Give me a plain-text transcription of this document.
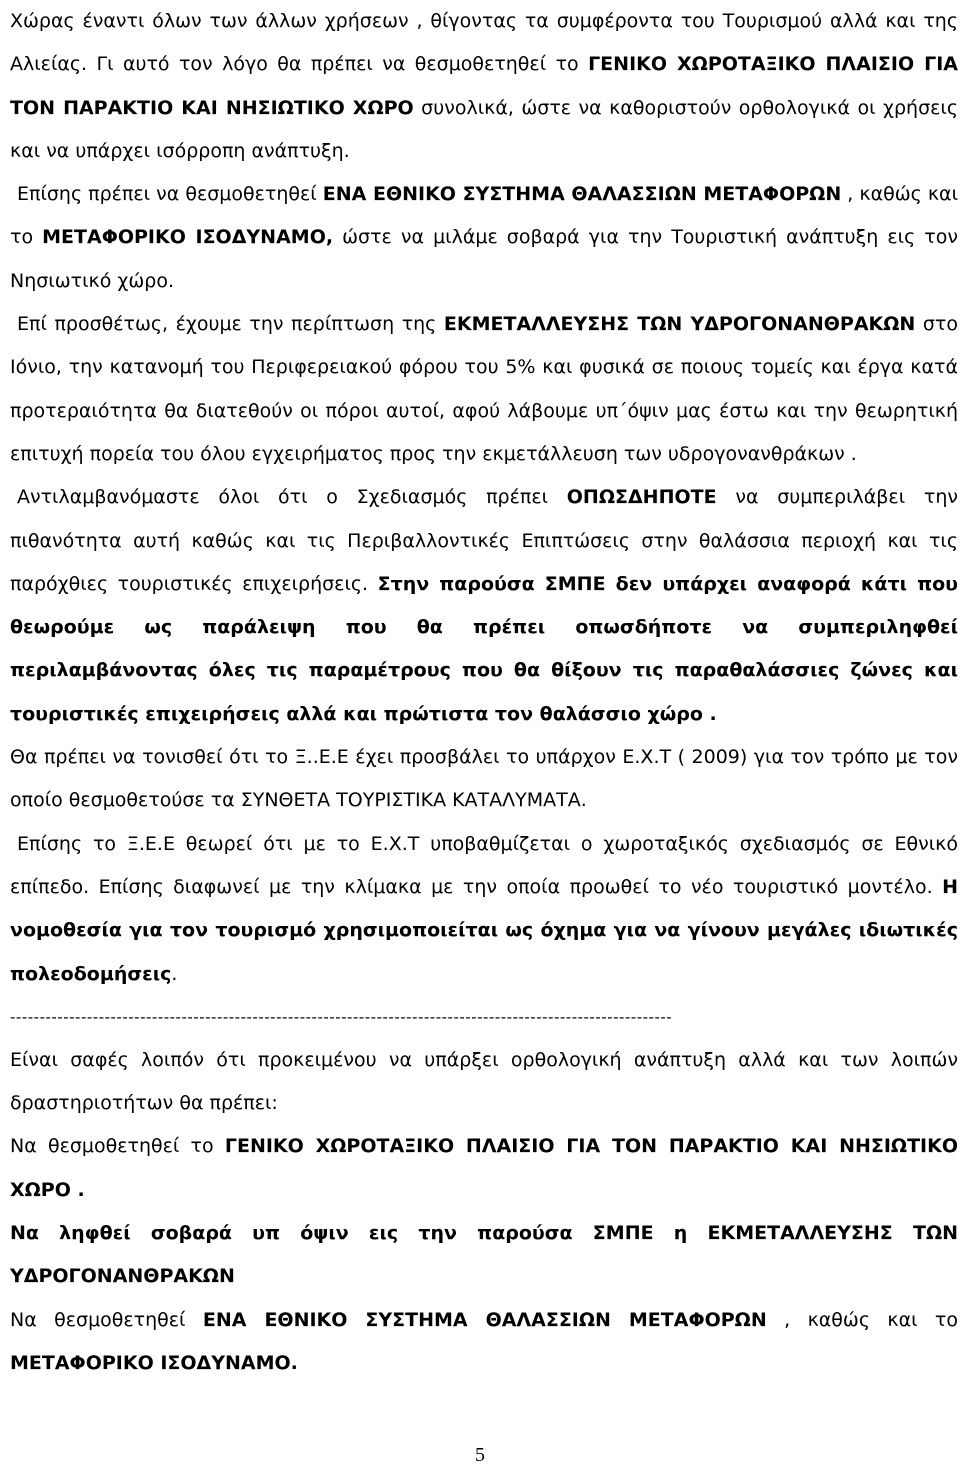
Χώρας έναντι όλων των άλλων χρήσεων , θίγοντας τα συμφέροντα του Τουρισμού αλλά και της Αλιείας. Γι αυτό τον λόγο θα πρέπει να θεσμοθετηθεί το ΓΕΝΙΚΟ ΧΩΡΟΤΑΞΙΚΟ ΠΛΑΙΣΙΟ ΓΙΑ ΤΟΝ ΠΑΡΑΚΤΙΟ ΚΑΙ ΝΗΣΙΩΤΙΚΟ ΧΩΡΟ συνολικά, ώστε να καθοριστούν ορθολογικά οι χρήσεις και να υπάρχει ισόρροπη ανάπτυξη.

Επίσης πρέπει να θεσμοθετηθεί ΕΝΑ ΕΘΝΙΚΟ ΣΥΣΤΗΜΑ ΘΑΛΑΣΣΙΩΝ ΜΕΤΑΦΟΡΩΝ , καθώς και το ΜΕΤΑΦΟΡΙΚΟ ΙΣΟΔΥΝΑΜΟ, ώστε να μιλάμε σοβαρά για την Τουριστική ανάπτυξη εις τον Νησιωτικό χώρο.

Επί προσθέτως, έχουμε την περίπτωση της ΕΚΜΕΤΑΛΛΕΥΣΗΣ ΤΩΝ ΥΔΡΟΓΟΝΑΝΘΡΑΚΩΝ στο Ιόνιο, την κατανομή του Περιφερειακού φόρου του 5% και φυσικά σε ποιους τομείς και έργα κατά προτεραιότητα θα διατεθούν οι πόροι αυτοί, αφού λάβουμε υπ΄όψιν μας έστω και την θεωρητική επιτυχή πορεία του όλου εγχειρήματος προς την εκμετάλλευση των υδρογονανθράκων .

Αντιλαμβανόμαστε όλοι ότι ο Σχεδιασμός πρέπει ΟΠΩΣΔΗΠΟΤΕ να συμπεριλάβει την πιθανότητα αυτή καθώς και τις Περιβαλλοντικές Επιπτώσεις στην θαλάσσια περιοχή και τις παρόχθιες τουριστικές επιχειρήσεις. Στην παρούσα ΣΜΠΕ δεν υπάρχει αναφορά κάτι που θεωρούμε ως παράλειψη που θα πρέπει οπωσδήποτε να συμπεριληφθεί περιλαμβάνοντας όλες τις παραμέτρους που θα θίξουν τις παραθαλάσσιες ζώνες και τουριστικές επιχειρήσεις αλλά και πρώτιστα τον θαλάσσιο χώρο .

Θα πρέπει να τονισθεί ότι το Ξ..Ε.Ε έχει προσβάλει το υπάρχον Ε.Χ.Τ ( 2009) για τον τρόπο με τον οποίο θεσμοθετούσε τα ΣΥΝΘΕΤΑ ΤΟΥΡΙΣΤΙΚΑ ΚΑΤΑΛΥΜΑΤΑ.

Επίσης το Ξ.Ε.Ε θεωρεί ότι με το Ε.Χ.Τ υποβαθμίζεται ο χωροταξικός σχεδιασμός σε Εθνικό επίπεδο. Επίσης διαφωνεί με την κλίμακα με την οποία προωθεί το νέο τουριστικό μοντέλο. Η νομοθεσία για τον τουρισμό χρησιμοποιείται ως όχημα για να γίνουν μεγάλες ιδιωτικές πολεοδομήσεις.

----------------------------------------------------------------------------------------------------------------

Είναι σαφές λοιπόν ότι προκειμένου να υπάρξει ορθολογική ανάπτυξη αλλά και των λοιπών δραστηριοτήτων θα πρέπει:

Να θεσμοθετηθεί το ΓΕΝΙΚΟ ΧΩΡΟΤΑΞΙΚΟ ΠΛΑΙΣΙΟ ΓΙΑ ΤΟΝ ΠΑΡΑΚΤΙΟ ΚΑΙ ΝΗΣΙΩΤΙΚΟ ΧΩΡΟ .

Να ληφθεί σοβαρά υπ όψιν εις την παρούσα ΣΜΠΕ η ΕΚΜΕΤΑΛΛΕΥΣΗΣ ΤΩΝ ΥΔΡΟΓΟΝΑΝΘΡΑΚΩΝ

Να θεσμοθετηθεί ΕΝΑ ΕΘΝΙΚΟ ΣΥΣΤΗΜΑ ΘΑΛΑΣΣΙΩΝ ΜΕΤΑΦΟΡΩΝ , καθώς και το ΜΕΤΑΦΟΡΙΚΟ ΙΣΟΔΥΝΑΜΟ.

5
